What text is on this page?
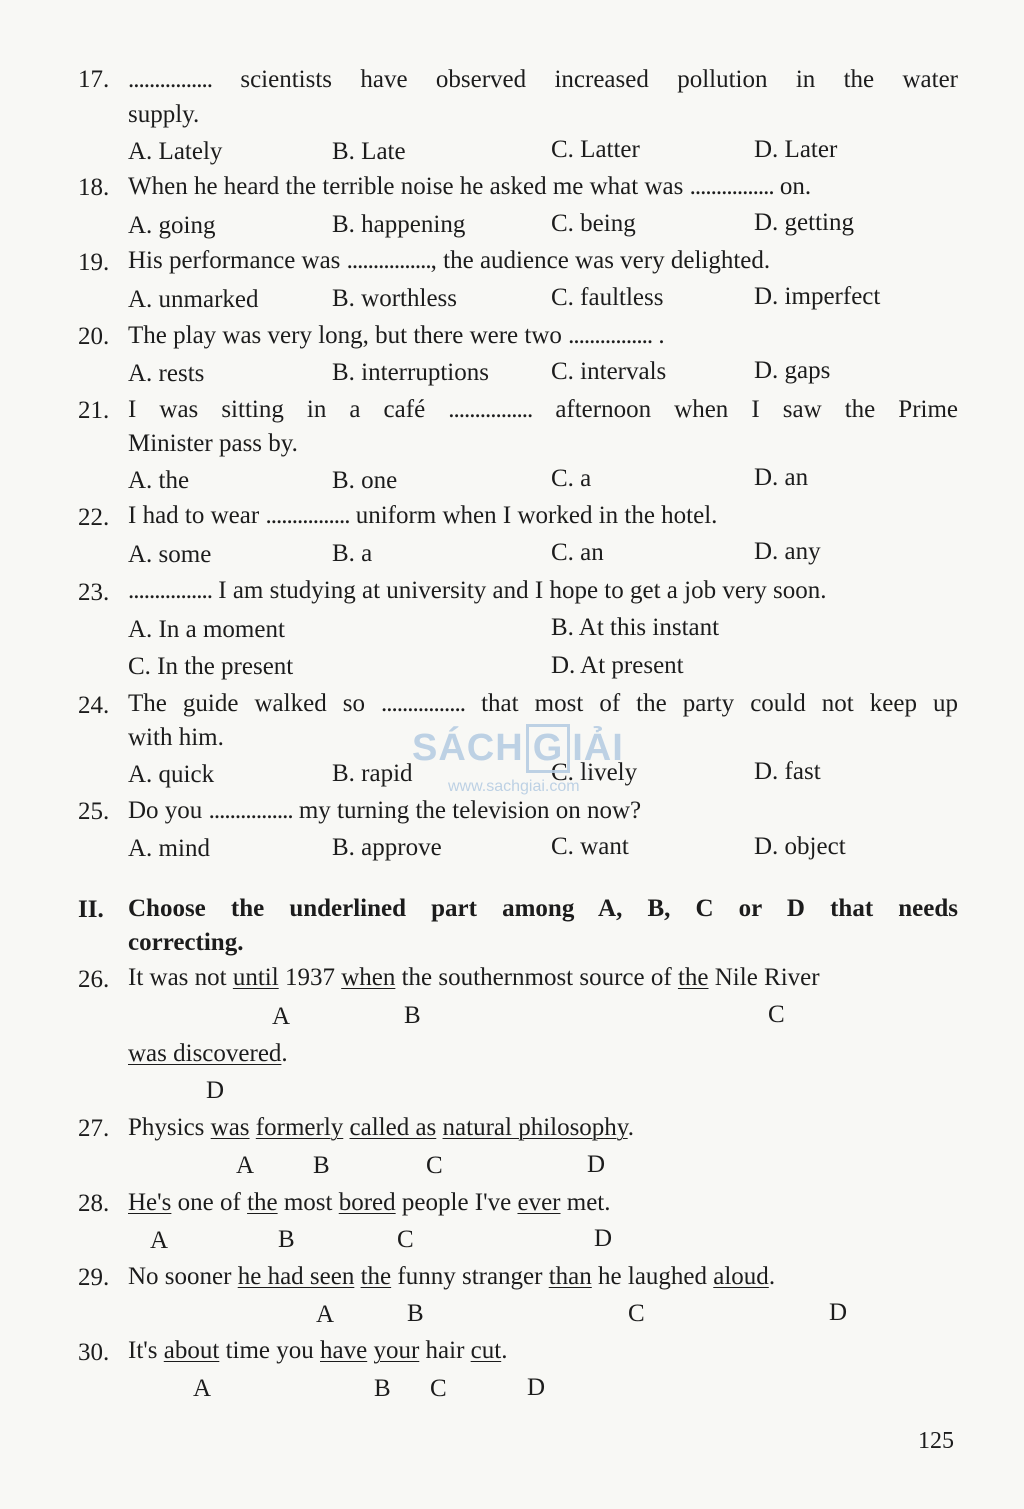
17. ................ scientists have observed increased pollution in the water
supply.
A. Lately	B. Late	C. Latter	D. Later
18. When he heard the terrible noise he asked me what was ................ on.
A. going	B. happening	C. being	D. getting
19. His performance was ................, the audience was very delighted.
A. unmarked	B. worthless	C. faultless	D. imperfect
20. The play was very long, but there were two ................ .
A. rests	B. interruptions C. intervals	D. gaps
21. I was sitting in a café ................ afternoon when I saw the Prime
Minister pass by.
A. the	B. one	C. a	D. an
22. I had to wear ................ uniform when I worked in the hotel.
A. some	B. a	C. an	D. any
23. ................ I am studying at university and I hope to get a job very soon.
A. In a moment	B. At this instant
C. In the present	D. At present
24. The guide walked so ................ that most of the party could not keep up
with him.
A. quick	B. rapid	C. lively	D. fast
SÁCH G IẢI
www.sachgiai.com
25. Do you ................ my turning the television on now?
A. mind	B. approve	C. want	D. object
II. Choose the underlined part among A, B, C or D that needs
correcting.
26. It was not until 1937 when the southernmost source of the Nile River
A	B	C
was discovered.
D
27. Physics was formerly called as natural philosophy.
A B	C	D
28. He's one of the most bored people I've ever met.
A	B	C	D
29. No sooner he had seen the funny stranger than he laughed aloud.
A	B	C	D
30. It's about time you have your hair cut.
A	B C	D
125
